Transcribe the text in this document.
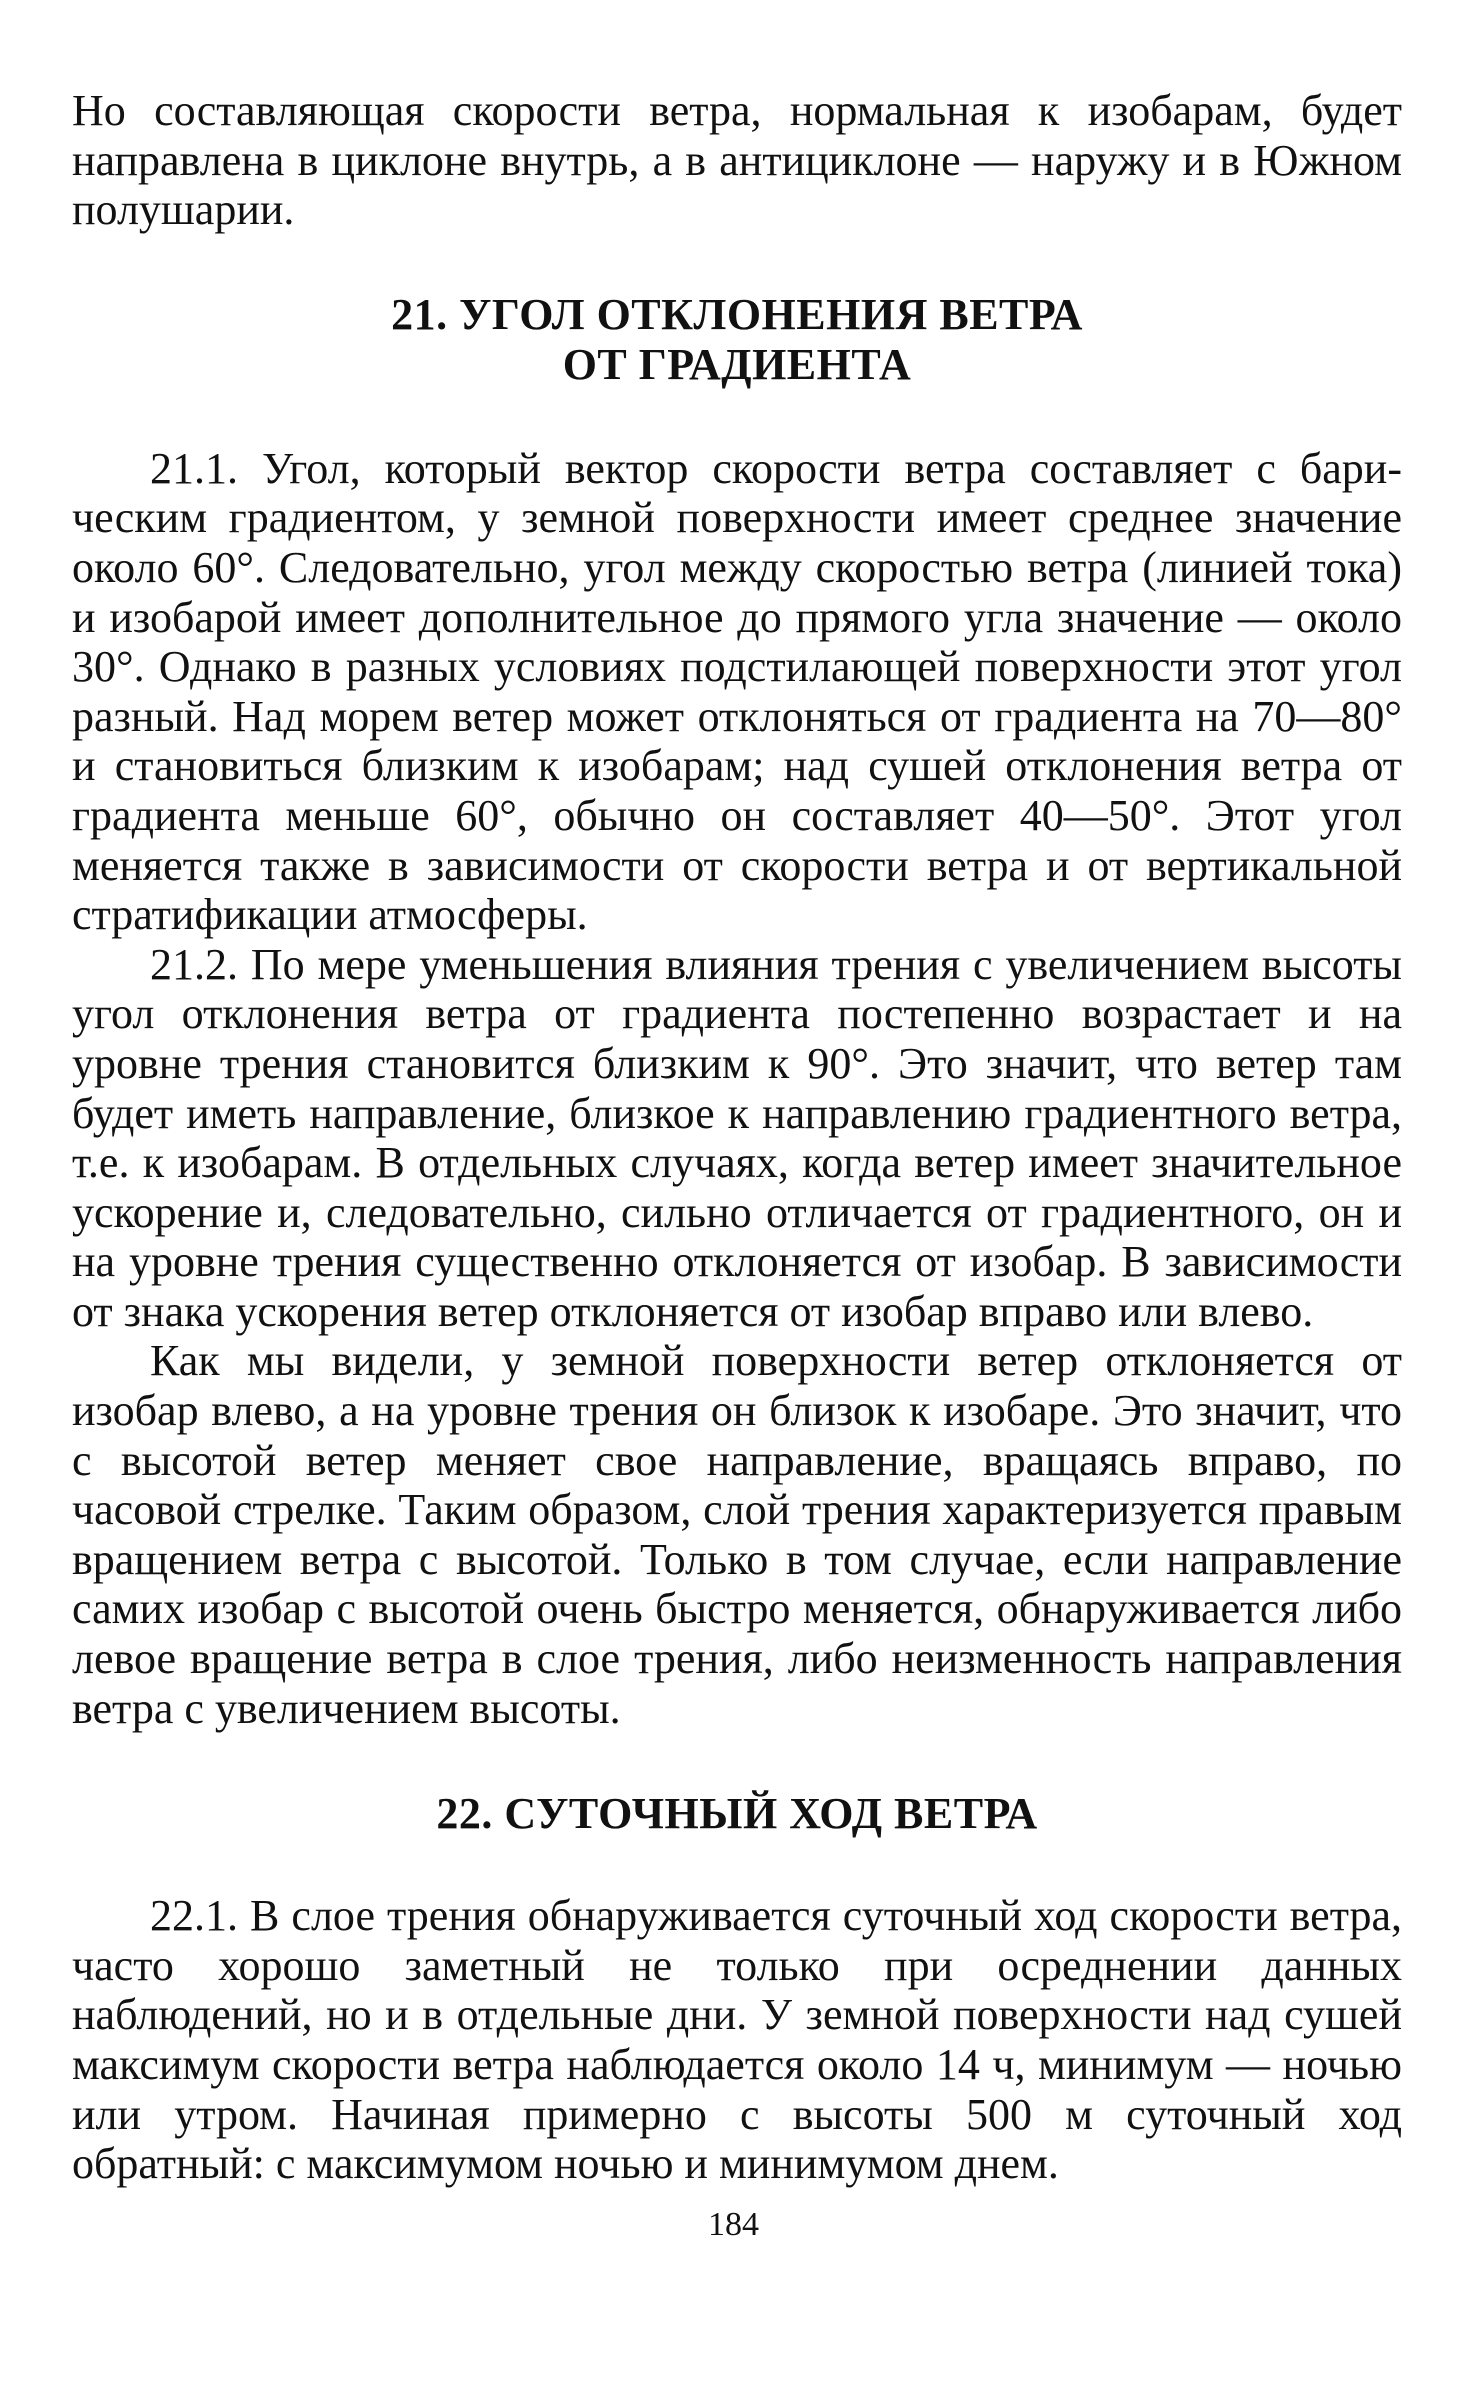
Но составляющая скорости ветра, нормальная к изобарам, будет направлена в циклоне внутрь, а в антициклоне — наружу и в Южном полушарии.

21. УГОЛ ОТКЛОНЕНИЯ ВЕТРА
ОТ ГРАДИЕНТА

21.1. Угол, который вектор скорости ветра составляет с барическим градиентом, у земной поверхности имеет среднее значение около 60°. Следовательно, угол между скоростью ветра (линией тока) и изобарой имеет дополнительное до прямого угла значение — около 30°. Однако в разных условиях подстилающей поверхности этот угол разный. Над морем ветер может отклоняться от градиента на 70—80° и становиться близким к изобарам; над сушей отклонения ветра от градиента меньше 60°, обычно он составляет 40—50°. Этот угол меняется также в зависимости от скорости ветра и от вертикальной стратификации атмосферы.

21.2. По мере уменьшения влияния трения с увеличением высоты угол отклонения ветра от градиента постепенно возрастает и на уровне трения становится близким к 90°. Это значит, что ветер там будет иметь направление, близкое к направлению градиентного ветра, т.е. к изобарам. В отдельных случаях, когда ветер имеет значительное ускорение и, следовательно, сильно отличается от градиентного, он и на уровне трения существенно отклоняется от изобар. В зависимости от знака ускорения ветер отклоняется от изобар вправо или влево.

Как мы видели, у земной поверхности ветер отклоняется от изобар влево, а на уровне трения он близок к изобаре. Это значит, что с высотой ветер меняет свое направление, вращаясь вправо, по часовой стрелке. Таким образом, слой трения характеризуется правым вращением ветра с высотой. Только в том случае, если направление самих изобар с высотой очень быстро меняется, обнаруживается либо левое вращение ветра в слое трения, либо неизменность направления ветра с увеличением высоты.

22. СУТОЧНЫЙ ХОД ВЕТРА

22.1. В слое трения обнаруживается суточный ход скорости ветра, часто хорошо заметный не только при осреднении данных наблюдений, но и в отдельные дни. У земной поверхности над сушей максимум скорости ветра наблюдается около 14 ч, минимум — ночью или утром. Начиная примерно с высоты 500 м суточный ход обратный: с максимумом ночью и минимумом днем.

184
